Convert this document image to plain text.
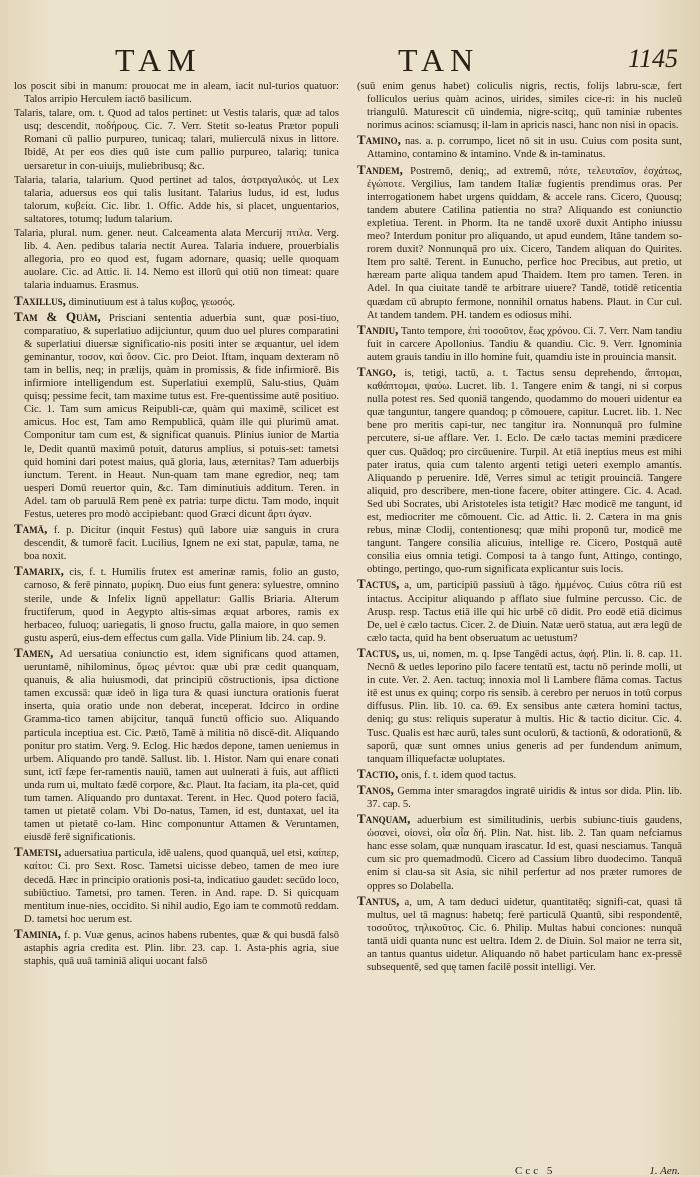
TAM	TAN	1145

los poscit sibi in manum: prouocat me in aleam, iacit nul-turios quatuor: Talos arripio Herculem iactō basilicum.

Talaris, talare, om. t. Quod ad talos pertinet: ut Vestis talaris, quæ ad talos usq; descendit, ποδήρους. Cic. 7. Verr. Stetit so-leatus Prætor populi Romani cū pallio purpureo, tunicaq; talari, mulierculā nixus in littore. Ibidē, At per eos dies quū iste cum pallio purpureo, talariq; tunica uersaretur in con-uiuijs, muliebribusq; &c.

Talaria, talaria, talarium. Quod pertinet ad talos, ἀστραγαλικός. ut Lex talaria, aduersus eos qui talis lusitant. Talarius ludus, id est, ludus talorum, κυβεία. Cic. libr. 1. Offic. Adde his, si placet, unguentarios, saltatores, totumq; ludum talarium.

Talaria, plural. num. gener. neut. Calceamenta alata Mercurij πτιλα. Verg. lib. 4. Aen. pedibus talaria nectit Aurea. Talaria induere, prouerbialis allegoria, pro eo quod est, fugam adornare, quasiq; uelle quoquam auolare. Cic. ad Attic. li. 14. Nemo est illorū qui otiū non timeat: quare talaria induamus. Erasmus.

Taxillus, diminutiuum est à talus κυβος, γεωσός.

Tam & Quàm, Prisciani sententia aduerbia sunt, quæ posi-tiuo, comparatiuo, & superlatiuo adijciuntur, quum duo uel plures comparatini & superlatiui diuersæ significatio-nis positi inter se æquantur, uel idem geminantur, τοσον, καὶ ὅσον. Cic. pro Deiot. Iftam, inquam dexteram nō tam in bellis, neq; in prælijs, quàm in promissis, & fide infirmiorē. Bis infirmiore intelligendum est. Superlatiui exemplū, Salu-stius, Quàm quisq; pessime fecit, tam maxime tutus est. Fre-quentissime autē positiuo. Cic. 1. Tam sum amicus Reipubli-cæ, quàm qui maximē, scilicet est amicus. Hoc est, Tam amo Rempublicā, quàm ille qui plurimū amat. Componitur tam cum est, & significat quanuis. Plinius iunior de Martia le, Dedit quantū maximū potuit, daturus amplius, si potuis-set: tametsi quid homini dari potest maius, quā gloria, laus, æternitas? Tam aduerbijs iunctum. Terent. in Heaut. Nun-quam tam mane egredior, neq; tam uesperi Domū reuertor quin, &c. Tam diminutiuis additum. Teren. in Adel. tam ob paruulā Rem penè ex patria: turpe dictu. Tam modo, inquit Festus, ueteres pro modò accipiebant: quod Græci dicunt ἄρτι ἀγαν.

Tamā, f. p. Dicitur (inquit Festus) quū labore uiæ sanguis in crura descendit, & tumorē facit. Lucilius, Ignem ne exi stat, papulæ, tama, ne boa noxit.

Tamarix, cis, f. t. Humilis frutex est amerinæ ramis, folio an gusto, carnoso, & ferē pinnato, μυρίκη. Duo eius funt genera: syluestre, omnino sterile, unde & Infelix lignū appellatur: Gallis Briaria. Alterum fructiferum, quod in Aegypto altis-simas æquat arbores, ramis ex herbaceo, fuluoq; uariegatis, li gnoso fructu, galla maiore, in quo semen gustu asperū, eius-dem effectus cum galla. Vide Plinium lib. 24. cap. 9.

Tamen, Ad uersatiua coniunctio est, idem significans quod attamen, ueruntamē, nihilominus, ὅμως μέντοι: quæ ubi præ cedit quanquam, quanuis, & alia huiusmodi, dat principiū cōstructionis, ipsa dictione tamen excussā: quæ ideō in liga tura & quasi iunctura orationis fuerat inserta, quia oratio unde non deberat, inceperat. Idcirco in ordine Gramma-tico tamen abijcitur, tanquā functū officio suo. Aliquando particula inceptiua est. Cic. Pætō, Tamē à militia nō discē-dit. Aliquando ponitur pro statim. Verg. 9. Eclog. Hic hædos depone, tamen ueniemus in urbem. Aliquando pro tandē. Sallust. lib. 1. Histor. Nam qui enare conati sunt, ictī fæpe fer-ramentis nauiū, tamen aut uulnerati à fuis, aut afflicti unda rum ui, multato fædē corpore, &c. Plaut. Ita faciam, ita pla-cet, quid tum tamen. Aliquando pro duntaxat. Terent. in Hec. Quod potero faciā, tamen ut pietatē colam. Vbi Do-natus, Tamen, id est, duntaxat, uel ita tamen ut pietatē co-lam. Hinc componuntur Attamen & Veruntamen, eiusdē ferē significationis.

Tametsi, aduersatiua particula, idē ualens, quod quanquā, uel etsi, καίπερ, καίτοι: Ci. pro Sext. Rosc. Tametsi uicisse debeo, tamen de meo iure decedā. Hæc in principio orationis posi-ta, indicatiuo gaudet: secūdo loco, subiūctiuo. Tametsi, pro tamen. Teren. in And. rape. D. Si quicquam mentitum inue-nies, occidito. Si nihil audio, Ego iam te commotū reddam. D. tametsi hoc uerum est.

Taminia, f. p. Vuæ genus, acinos habens rubentes, quæ & qui busdā falsō astaphis agria credita est. Plin. libr. 23. cap. 1. Asta-phis agria, siue staphis, quā uuā taminiā aliqui uocant falsō

(suū enim genus habet) coliculis nigris, rectis, folijs labru-scæ, fert folliculos uerius quàm acinos, uirides, similes cice-ri: in his nucleū triangulū. Maturescit cū uindemia, nigre-scitq;, quū taminiæ rubentes norimus acinos: sciamusq; il-lam in apricis nasci, hanc non nisi in opacis.

Tamino, nas. a. p. corrumpo, licet nō sit in usu. Cuius com posita sunt, Attamino, contamino & intamino. Vnde & in-taminatus.

Tandem, Postremō, deniq;, ad extremū, πότε, τελευταῖον, ἐσχάτως, ἐγώποτε. Vergilius, Iam tandem Italiæ fugientis prendimus oras. Per interrogationem habet urgens quiddam, & accele rans. Cicero, Quousq; tandem abutere Catilina patientia no stra? Aliquando est coniunctio expletiua. Terent. in Phorm. Ita ne tandē uxorē duxit Antipho iniussu meo? Interdum ponitur pro aliquando, ut apud eundem, Itāne tandem so-rorem duxit? Nonnunquā pro uix. Cicero, Tandem aliquan do Quirites. Item pro saltē. Terent. in Eunucho, perfice hoc Precibus, aut pretio, ut hæream parte aliqua tandem apud Thaidem. Item pro tamen. Teren. in Adel. In qua ciuitate tandē te arbitrare uiuere? Tandē, totidē reticentia quædam cū abrupto fermone, nonnihil ornatus habens. Plaut. in Cur cul. At tandem tandem. PH. tandem es odiosus mihi.

Tandiu, Tanto tempore, ἐπὶ τοσοῦτον, ἕως χρόνου. Ci. 7. Verr. Nam tandiu fuit in carcere Apollonius. Tandiu & quandiu. Cic. 9. Verr. Ignominia autem grauis tandiu in illo homine fuit, quamdiu iste in prouincia mansit.

Tango, is, tetigi, tactū, a. t. Tactus sensu deprehendo, ἅπτομαι, καθάπτομαι, ψαύω. Lucret. lib. 1. Tangere enim & tangi, ni si corpus nulla potest res. Sed quoniā tangendo, quodammo do moueri uidentur ea quæ tanguntur, tangere quandoq; p cōmouere, capitur. Lucret. lib. 1. Nec bene pro meritis capi-tur, nec tangitur ira. Nonnunquā pro fulmine percutere, si-ue afflare. Ver. 1. Eclo. De cælo tactas memini prædicere quer cus. Quādoq; pro circūuenire. Turpil. At etiā ineptius meus est mihi pater iratus, quia cum talento argenti tetigi ueteri exemplo amantis. Aliquando p peruenire. Idē, Verres simul ac tetigit prouinciā. Tangere aliquid, pro describere, men-tione facere, obiter attingere. Cic. 4. Acad. Sed ubi Socrates, ubi Aristoteles ista tetigit? Hæc modicē me tangunt, id est, mediocriter me cōmouent. Cic. ad Attic. li. 2. Cætera in ma gnis rebus, minæ Clodij, contentionesq; quæ mihi proponū tur, modicē me tangunt. Tangere consilia alicuius, intellige re. Cicero, Postquā autē consilia eius omnia tetigi. Composi ta à tango funt, Attingo, contingo, obtingo, pertingo, quo-rum significata explicantur suis locis.

Tactus, a, um, participiū passiuū à tāgo. ἡμμένος. Cuius cōtra riū est intactus. Accipitur aliquando p afflato siue fulmine percusso. Cic. de Arusp. resp. Tactus etiā ille qui hic urbē cō didit. Pro eodē etiā dicimus De, uel è cælo tactus. Cicer. 2. de Diuin. Natæ uerō statua, aut æra legū de cælo tacta, quid ha bent obseruatum ac uetustum?

Tactus, us, ui, nomen, m. q. Ipse Tangēdi actus, ἁφή. Plin. li. 8. cap. 11. Necnō & uetles leporino pilo facere tentatū est, tactu nō perinde molli, ut in cute. Ver. 2. Aen. tactuq; innoxia mol li Lambere flāma comas. Tactus itē est unus ex quinq; corpo ris sensib. à cerebro per neruos in totū corpus diffusus. Plin. lib. 10. ca. 69. Ex sensibus ante cætera homini tactus, deniq; gu stus: reliquis superatur à multis. Hic & tactio dicitur. Cic. 4. Tusc. Qualis est hæc aurū, tales sunt oculorū, & tactionū, & odorationū, & saporū, quæ sunt omnes unius generis ad per fundendum animum, tanquam illiquefactæ uoluptates.

Tactio, onis, f. t. idem quod tactus.

Tanos, Gemma inter smaragdos ingratē uiridis & intus sor dida. Plin. lib. 37. cap. 5.

Tanquam, aduerbium est similitudinis, uerbis subiunc-tiuis gaudens, ὡσανεὶ, οἱονεὶ, οἷα οἷα δή. Plin. Nat. hist. lib. 2. Tan quam nefciamus hanc esse solam, quæ nunquam irascatur. Id est, quasi nesciamus. Tanquā cum sic pro quemadmodū. Cicero ad Cassium libro duodecimo. Tanquā enim si clau-sa sit Asia, sic nihil perfertur ad nos præter rumores de oppres so Dolabella.

Tantus, a, um, A tam deduci uidetur, quantitatēq; signifi-cat, quasi tā multus, uel tā magnus: habetq; ferè particulā Quantū, sibi respondentē, τοσοῦτος, τηλικοῦτος. Cic. 6. Philip. Multas habui conciones: nunquā tantā uidi quanta nunc est ueltra. Idem 2. de Diuin. Sol maior ne terra sit, an tantus quantus uidetur. Aliquando nō habet particulam hanc ex-pressē subsequentē, sed quę tamen facilē possit intelligi. Ver.

Ccc 5	1. Aen.
